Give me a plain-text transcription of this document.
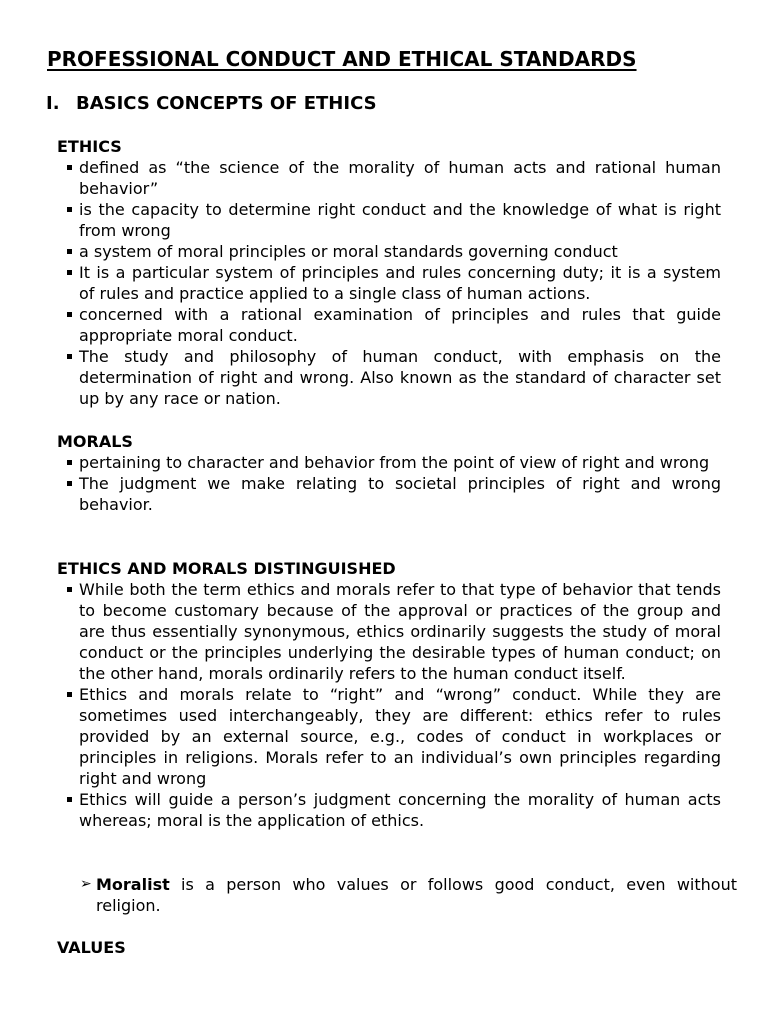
PROFESSIONAL CONDUCT AND ETHICAL STANDARDS
I. BASICS CONCEPTS OF ETHICS
ETHICS
defined as “the science of the morality of human acts and rational human behavior”
is the capacity to determine right conduct and the knowledge of what is right from wrong
a system of moral principles or moral standards governing conduct
It is a particular system of principles and rules concerning duty; it is a system of rules and practice applied to a single class of human actions.
concerned with a rational examination of principles and rules that guide appropriate moral conduct.
The study and philosophy of human conduct, with emphasis on the determination of right and wrong. Also known as the standard of character set up by any race or nation.
MORALS
pertaining to character and behavior from the point of view of right and wrong
The judgment we make relating to societal principles of right and wrong behavior.
ETHICS AND MORALS DISTINGUISHED
While both the term ethics and morals refer to that type of behavior that tends to become customary because of the approval or practices of the group and are thus essentially synonymous, ethics ordinarily suggests the study of moral conduct or the principles underlying the desirable types of human conduct; on the other hand, morals ordinarily refers to the human conduct itself.
Ethics and morals relate to “right” and “wrong” conduct. While they are sometimes used interchangeably, they are different: ethics refer to rules provided by an external source, e.g., codes of conduct in workplaces or principles in religions. Morals refer to an individual’s own principles regarding right and wrong
Ethics will guide a person’s judgment concerning the morality of human acts whereas; moral is the application of ethics.
➢ Moralist is a person who values or follows good conduct, even without religion.
VALUES
